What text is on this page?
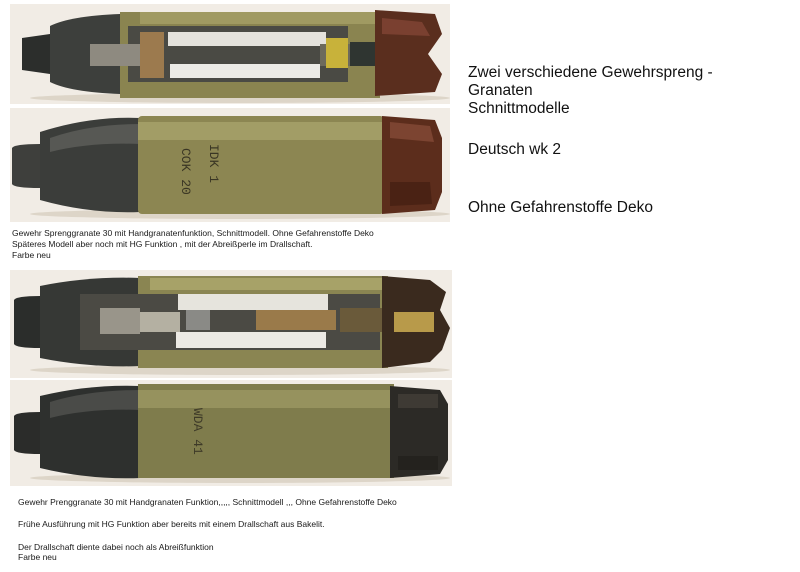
COK 20 IDK 1
Gewehr Sprenggranate 30 mit Handgranatenfunktion, Schnittmodell. Ohne Gefahrenstoffe Deko
Späteres Modell aber noch mit HG Funktion , mit der Abreißperle im Drallschaft.
Farbe neu
WDA 41
Gewehr Prenggranate 30 mit Handgranaten Funktion,,,,, Schnittmodell ,,, Ohne Gefahrenstoffe Deko
Frühe Ausführung mit HG Funktion aber bereits mit einem Drallschaft aus Bakelit.
Der Drallschaft diente dabei noch als Abreißfunktion
Farbe neu
Zwei verschiedene Gewehrspreng -
Granaten
Schnittmodelle
Deutsch wk 2
Ohne Gefahrenstoffe Deko
